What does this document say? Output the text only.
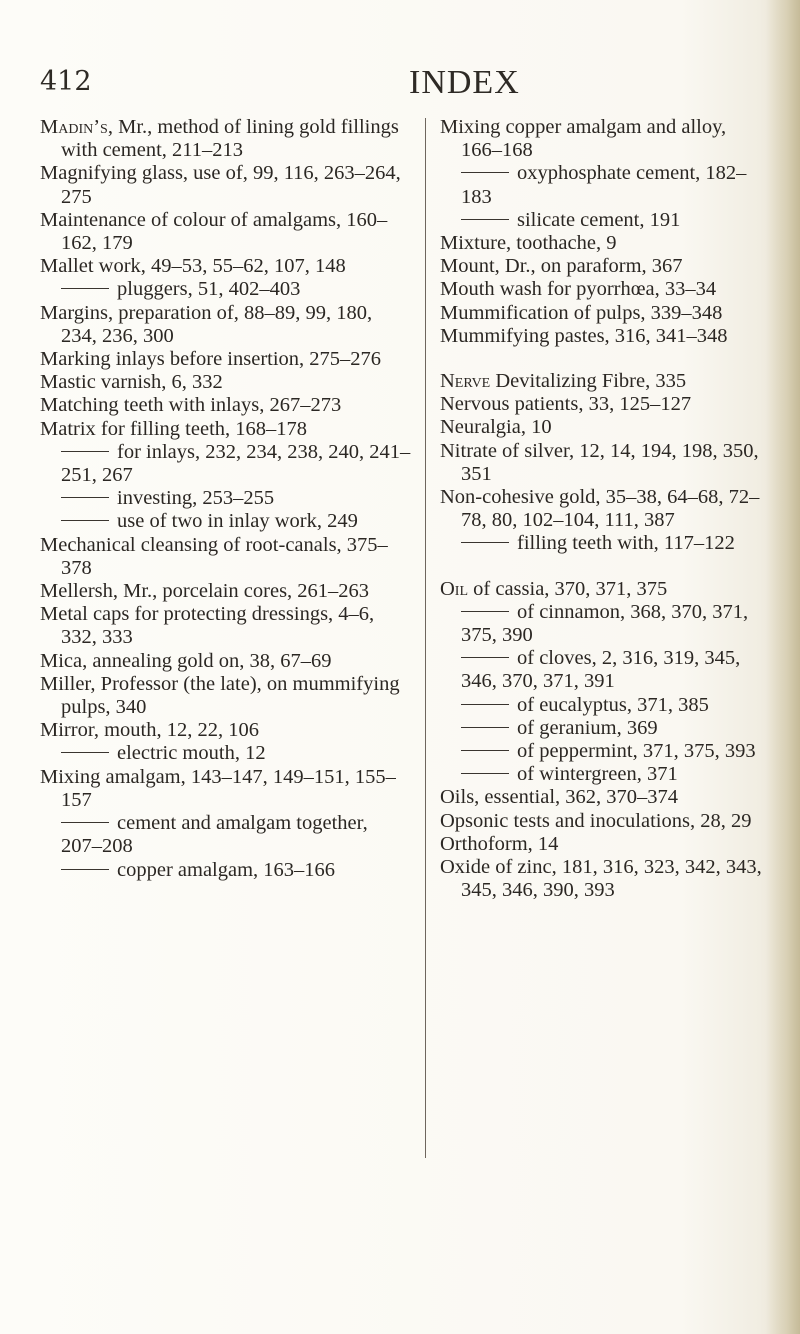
412	INDEX
Madin’s, Mr., method of lining gold fillings with cement, 211–213
Magnifying glass, use of, 99, 116, 263–264, 275
Maintenance of colour of amalgams, 160–162, 179
Mallet work, 49–53, 55–62, 107, 148
pluggers, 51, 402–403
Margins, preparation of, 88–89, 99, 180, 234, 236, 300
Marking inlays before insertion, 275–276
Mastic varnish, 6, 332
Matching teeth with inlays, 267–273
Matrix for filling teeth, 168–178
for inlays, 232, 234, 238, 240, 241–251, 267
investing, 253–255
use of two in inlay work, 249
Mechanical cleansing of root-canals, 375–378
Mellersh, Mr., porcelain cores, 261–263
Metal caps for protecting dressings, 4–6, 332, 333
Mica, annealing gold on, 38, 67–69
Miller, Professor (the late), on mummifying pulps, 340
Mirror, mouth, 12, 22, 106
electric mouth, 12
Mixing amalgam, 143–147, 149–151, 155–157
cement and amalgam together, 207–208
copper amalgam, 163–166
Mixing copper amalgam and alloy, 166–168
oxyphosphate cement, 182–183
silicate cement, 191
Mixture, toothache, 9
Mount, Dr., on paraform, 367
Mouth wash for pyorrhœa, 33–34
Mummification of pulps, 339–348
Mummifying pastes, 316, 341–348
Nerve Devitalizing Fibre, 335
Nervous patients, 33, 125–127
Neuralgia, 10
Nitrate of silver, 12, 14, 194, 198, 350, 351
Non-cohesive gold, 35–38, 64–68, 72–78, 80, 102–104, 111, 387
filling teeth with, 117–122
Oil of cassia, 370, 371, 375
of cinnamon, 368, 370, 371, 375, 390
of cloves, 2, 316, 319, 345, 346, 370, 371, 391
of eucalyptus, 371, 385
of geranium, 369
of peppermint, 371, 375, 393
of wintergreen, 371
Oils, essential, 362, 370–374
Opsonic tests and inoculations, 28, 29
Orthoform, 14
Oxide of zinc, 181, 316, 323, 342, 343, 345, 346, 390, 393
